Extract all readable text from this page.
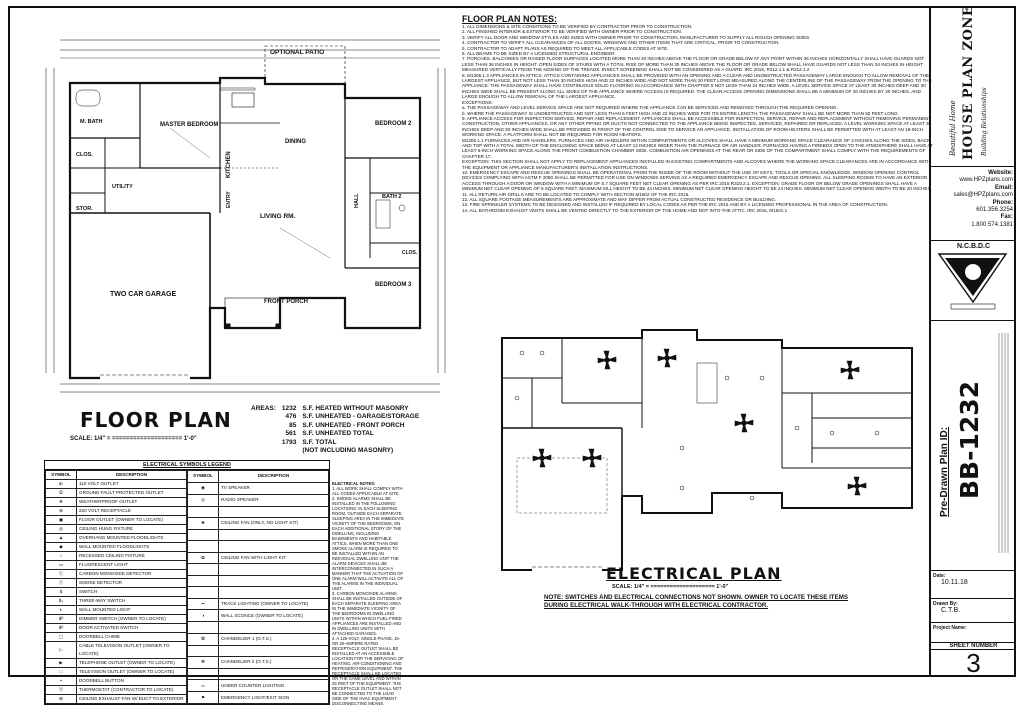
OPTIONAL PATIO
M. BATH	MASTER BEDROOM
CLOS.
UTILITY
STOR.
TWO CAR GARAGE
KITCHEN
DINING
LIVING RM.
ENTRY
FRONT PORCH
BEDROOM 2
BATH 2
HALL
CLOS.
BEDROOM 3
FLOOR PLAN
SCALE: 1/4" = ==================== 1'-0"
AREAS:	1232	S.F. HEATED WITHOUT MASONRY
	476	S.F. UNHEATED - GARAGE/STORAGE
	85	S.F. UNHEATED - FRONT PORCH
	561	S.F. UNHEATED TOTAL
	1793	S.F. TOTAL
		(NOT INCLUDING MASONRY)
ELECTRICAL SYMBOLS LEGEND
SYMBOL	DESCRIPTION
⦶	110 VOLT OUTLET
⦷	GROUND FAULT PROTECTED OUTLET
⦺	WEATHERPROOF OUTLET
⊕	220 VOLT RECEPTACLE
▣	FLOOR OUTLET (OWNER TO LOCATE)
◎	CEILING HUNG FIXTURE
▲	OVERHANG MOUNTED FLOODLIGHTS
◆	WALL MOUNTED FLOODLIGHTS
○	RECESSED CEILING FIXTURE
▭	FLUORESCENT LIGHT
Ⓒ	CARBON MONOXIDE DETECTOR
Ⓢ	SMOKE DETECTOR
$	SWITCH
$₃	THREE-WAY SWITCH
◐	WALL MOUNTED LIGHT
$ᴰ	DIMMER SWITCH (OWNER TO LOCATE)
$ᴰ	DOOR ACTIVATED SWITCH
▢	DOORBELL CHIME
▷	CABLE TELEVISION OUTLET (OWNER TO LOCATE)
▶	TELEPHONE OUTLET (OWNER TO LOCATE)
□	TELEVISION OUTLET (OWNER TO LOCATE)
•	DOORBELL BUTTON
Ⓣ	THERMOSTAT (CONTRACTOR TO LOCATE)
⊞	CEILING EXHAUST FAN W/ DUCT TO EXTERIOR
SYMBOL	DESCRIPTION
◉	TV SPEAKER
◎	RADIO SPEAKER

❀	CEILING FAN (ONLY, NO LIGHT KIT)

✿	CEILING FAN WITH LIGHT KIT

━	TRACK LIGHTING (OWNER TO LOCATE)
◑	WALL SCONCE (OWNER TO LOCATE)

❂	CHANDELIER 1 (O.T.S.)

❃	CHANDELIER 2 (O.T.S.)

═	UNDER COUNTER LIGHTING
⚑	EMERGENCY LIGHT/EXIT SIGN
ELECTRICAL NOTES:
1. ALL WORK SHALL COMPLY WITH ALL CODES APPLICABLE AT SITE.
2. SMOKE ALARMS SHALL BE INSTALLED IN THE FOLLOWING LOCATIONS: IN EACH SLEEPING ROOM, OUTSIDE EACH SEPARATE SLEEPING AREA IN THE IMMEDIATE VICINITY OF THE BEDROOMS, ON EACH ADDITIONAL STORY OF THE DWELLING, INCLUDING BASEMENTS AND HABITABLE ATTICS. WHEN MORE THAN ONE SMOKE ALARM IS REQUIRED TO BE INSTALLED WITHIN AN INDIVIDUAL DWELLING UNIT THE ALARM DEVICES SHALL BE INTERCONNECTED IN SUCH A MANNER THAT THE ACTUATION OF ONE ALARM WILL ACTIVATE ALL OF THE ALARMS IN THE INDIVIDUAL UNIT.
3. CARBON MONOXIDE ALARMS SHALL BE INSTALLED OUTSIDE OF EACH SEPARATE SLEEPING AREA IN THE IMMEDIATE VICINITY OF THE BEDROOMS IN DWELLING UNITS WITHIN WHICH FUEL-FIRED APPLIANCES ARE INSTALLED AND IN DWELLING UNITS WITH ATTACHED GARAGES.
4. A 125-VOLT, SINGLE PHASE, 15-OR 20-AMPERE RATED RECEPTACLE OUTLET SHALL BE INSTALLED AT AN ACCESSIBLE LOCATION FOR THE SERVICING OF HEATING, AIR-CONDITIONING AND REFRIGERATION EQUIPMENT. THE RECEPTACLE SHALL BE LOCATED ON THE SAME LEVEL AND WITHIN 25 FEET OF THE EQUIPMENT. THE RECEPTACLE OUTLET SHALL NOT BE CONNECTED TO THE LOAD SIDE OF THE HVAC EQUIPMENT DISCONNECTING MEANS.
FLOOR PLAN NOTES:

1. ALL DIMENSIONS & SITE CONDITIONS TO BE VERIFIED BY CONTRACTOR PRIOR TO CONSTRUCTION.

2. ALL FINISHED INTERIOR & EXTERIOR TO BE VERIFIED WITH OWNER PRIOR TO CONSTRUCTION.

3. VERIFY ALL DOOR AND WINDOW STYLES AND SIZES WITH OWNER PRIOR TO CONSTRUCTION. MANUFACTURER TO SUPPLY ALL ROUGH OPENING SIZES.

4. CONTRACTOR TO VERIFY ALL CLEARANCES OF ALL DOORS, WINDOWS AND OTHER ITEMS THAT ARE CRITICAL, PRIOR TO CONSTRUCTION.

5. CONTRACTOR TO ADAPT PLANS AS REQUIRED TO MEET ALL APPLICABLE CODES AT SITE.

6. ALL BEAMS TO BE SIZED BY A LICENSED STRUCTURAL ENGINEER.

7. PORCHES, BALCONIES OR RAISED FLOOR SURFACES LOCATED MORE THAN 30 INCHES ABOVE THE FLOOR OR GRADE BELOW AT ANY POINT WITHIN 36 INCHES HORIZONTALLY SHALL HAVE GUARDS NOT LESS THAN 36 INCHES IN HEIGHT. OPEN SIDES OF STAIRS WITH A TOTAL RISE OF MORE THAN 30 INCHES ABOVE THE FLOOR OR GRADE BELOW SHALL HAVE GUARDS NOT LESS THAN 34 INCHES IN HEIGHT MEASURED VERTICALLY FROM THE NOSING OF THE TREADS. INSECT SCREENING SHALL NOT BE CONSIDERED AS A GUARD. IRC 2015, R312.1.1 & R312.1.2

8. M1305.1.3 APPLIANCES IN ATTICS. ATTICS CONTAINING APPLIANCES SHALL BE PROVIDED WITH AN OPENING AND A CLEAR AND UNOBSTRUCTED PASSAGEWAY LARGE ENOUGH TO ALLOW REMOVAL OF THE LARGEST APPLIANCE, BUT NOT LESS THAN 30 INCHES HIGH AND 22 INCHES WIDE AND NOT MORE THAN 20 FEET LONG MEASURED ALONG THE CENTERLINE OF THE PASSAGEWAY FROM THE OPENING TO THE APPLIANCE. THE PASSAGEWAY SHALL HAVE CONTINUOUS SOLID FLOORING IN ACCORDANCE WITH CHAPTER 5 NOT LESS THAN 24 INCHES WIDE. A LEVEL SERVICE SPACE AT LEAST 30 INCHES DEEP AND 30 INCHES WIDE SHALL BE PRESENT ALONG ALL SIDES OF THE APPLIANCE WHERE ACCESS IS REQUIRED. THE CLEAR ACCESS OPENING DIMENSIONS SHALL BE A MINIMUM OF 20 INCHES BY 30 INCHES, AND LARGE ENOUGH TO ALLOW REMOVAL OF THE LARGEST APPLIANCE.

EXCEPTIONS:

a. THE PASSAGEWAY AND LEVEL SERVICE SPACE ARE NOT REQUIRED WHERE THE APPLIANCE CAN BE SERVICED AND REMOVED THROUGH THE REQUIRED OPENING.

b. WHERE THE PASSAGEWAY IS UNOBSTRUCTED AND NOT LESS THAN 6 FEET HIGH AND 22 INCHES WIDE FOR ITS ENTIRE LENGTH, THE PASSAGEWAY SHALL BE NOT MORE THAN 50 FEET LONG.

9. APPLIANCE ACCESS FOR INSPECTION SERVICE, REPAIR AND REPLACEMENT. APPLIANCES SHALL BE ACCESSIBLE FOR INSPECTION, SERVICE, REPAIR AND REPLACEMENT WITHOUT REMOVING PERMANENT CONSTRUCTION, OTHER APPLIANCES, OR ANY OTHER PIPING OR DUCTS NOT CONNECTED TO THE APPLIANCE BEING INSPECTED, SERVICED, REPAIRED OR REPLACED. A LEVEL WORKING SPACE AT LEAST 30 INCHES DEEP AND 30 INCHES WIDE SHALL BE PROVIDED IN FRONT OF THE CONTROL SIDE TO SERVICE AN APPLIANCE. INSTALLATION OF ROOM HEATERS SHALL BE PERMITTED WITH AT LEAST AN 18-INCH WORKING SPACE. A PLATFORM SHALL NOT BE REQUIRED FOR ROOM HEATERS.

M1305.1.1 FURNACES AND AIR HANDLERS. FURNACES AND AIR HANDLERS WITHIN COMPARTMENTS OR ALCOVES SHALL HAVE A MINIMUM WORKING SPACE CLEARANCE OF 3 INCHES ALONG THE SIDES, BACK AND TOP WITH A TOTAL WIDTH OF THE ENCLOSING SPACE BEING AT LEAST 12 INCHES WIDER THAN THE FURNACE OR AIR HANDLER. FURNACES HAVING A FIREBOX OPEN TO THE ATMOSPHERE SHALL HAVE AT LEAST 6-INCH WORKING SPACE ALONG THE FRONT COMBUSTION CHAMBER SIDE. COMBUSTION AIR OPENINGS AT THE REAR OR SIDE OF THE COMPARTMENT SHALL COMPLY WITH THE REQUIREMENTS OF CHAPTER 17.

EXCEPTION: THIS SECTION SHALL NOT APPLY TO REPLACEMENT APPLIANCES INSTALLED IN EXISTING COMPARTMENTS AND ALCOVES WHERE THE WORKING SPACE CLEARANCES ARE IN ACCORDANCE WITH THE EQUIPMENT OR APPLIANCE MANUFACTURER'S INSTALLATION INSTRUCTIONS.

10. EMERGENCY ESCAPE AND RESCUE OPENINGS SHALL BE OPERATIONAL FROM THE INSIDE OF THE ROOM WITHOUT THE USE OF KEYS, TOOLS OR SPECIAL KNOWLEDGE. WINDOW OPENING CONTROL DEVICES COMPLYING WITH ASTM F 2090 SHALL BE PERMITTED FOR USE ON WINDOWS SERVING AS A REQUIRED EMERGENCY ESCAPE AND RESCUE OPENING. ALL SLEEPING ROOMS TO HAVE AN EXTERIOR ACCESS THROUGH A DOOR OR WINDOW WITH A MINIMUM OF 5.7 SQUARE FEET NET CLEAR OPENING AS PER IRC 2015 R310.2.1. EXCEPTION: GRADE FLOOR OR BELOW GRADE OPENINGS SHALL HAVE A MINIMUM NET CLEAR OPENING OF 5 SQUARE FEET. MAXIMUM SILL HEIGHT TO BE 44 INCHES. MINIMUM NET CLEAR OPENING HEIGHT TO BE 24 INCHES. MINIMUM NET CLEAR OPENING WIDTH TO BE 20 INCHES.

11. ALL RETURN AIR GRILLS ARE TO BE LOCATED TO COMPLY WITH SECTION M1602 OF THE IRC 2015.

12. ALL SQUARE FOOTAGE MEASUREMENTS ARE APPROXIMATE AND MAY DIFFER FROM ACTUAL CONSTRUCTED RESIDENCE OR BUILDING.

13. FIRE SPRINKLER SYSTEMS TO BE DESIGNED AND INSTALLED IF REQUIRED BY LOCAL CODES AS PER THE IRC 2015 AND BY A LICENSED PROFESSIONAL IN THE AREA OF CONSTRUCTION.

14. ALL BATHROOM EXHAUST VENTS SHALL BE VENTED DIRECTLY TO THE EXTERIOR OF THE HOME AND NOT INTO THE ATTIC. IRC 2015, M1501.1

ELECTRICAL PLAN
SCALE: 1/4" = ==================== 1'-0"
NOTE: SWITCHES AND ELECTRICAL CONNECTIONS NOT SHOWN. OWNER TO LOCATE THESE ITEMS DURING ELECTRICAL WALK-THROUGH WITH ELECTRICAL CONTRACTOR.
Beautiful Home HOUSE PLAN ZONE Building Relationships
Website:
www.HPZplans.com
Email:
sales@HPZplans.com
Phone:
601.356.3254
Fax:
1.800.574.1381
N.C.B.D.C
Pre-Drawn Plan ID: BB-1232
Date:
10.11.18
Drawn By:
C.T.B.
Project Name:
SHEET NUMBER
3
